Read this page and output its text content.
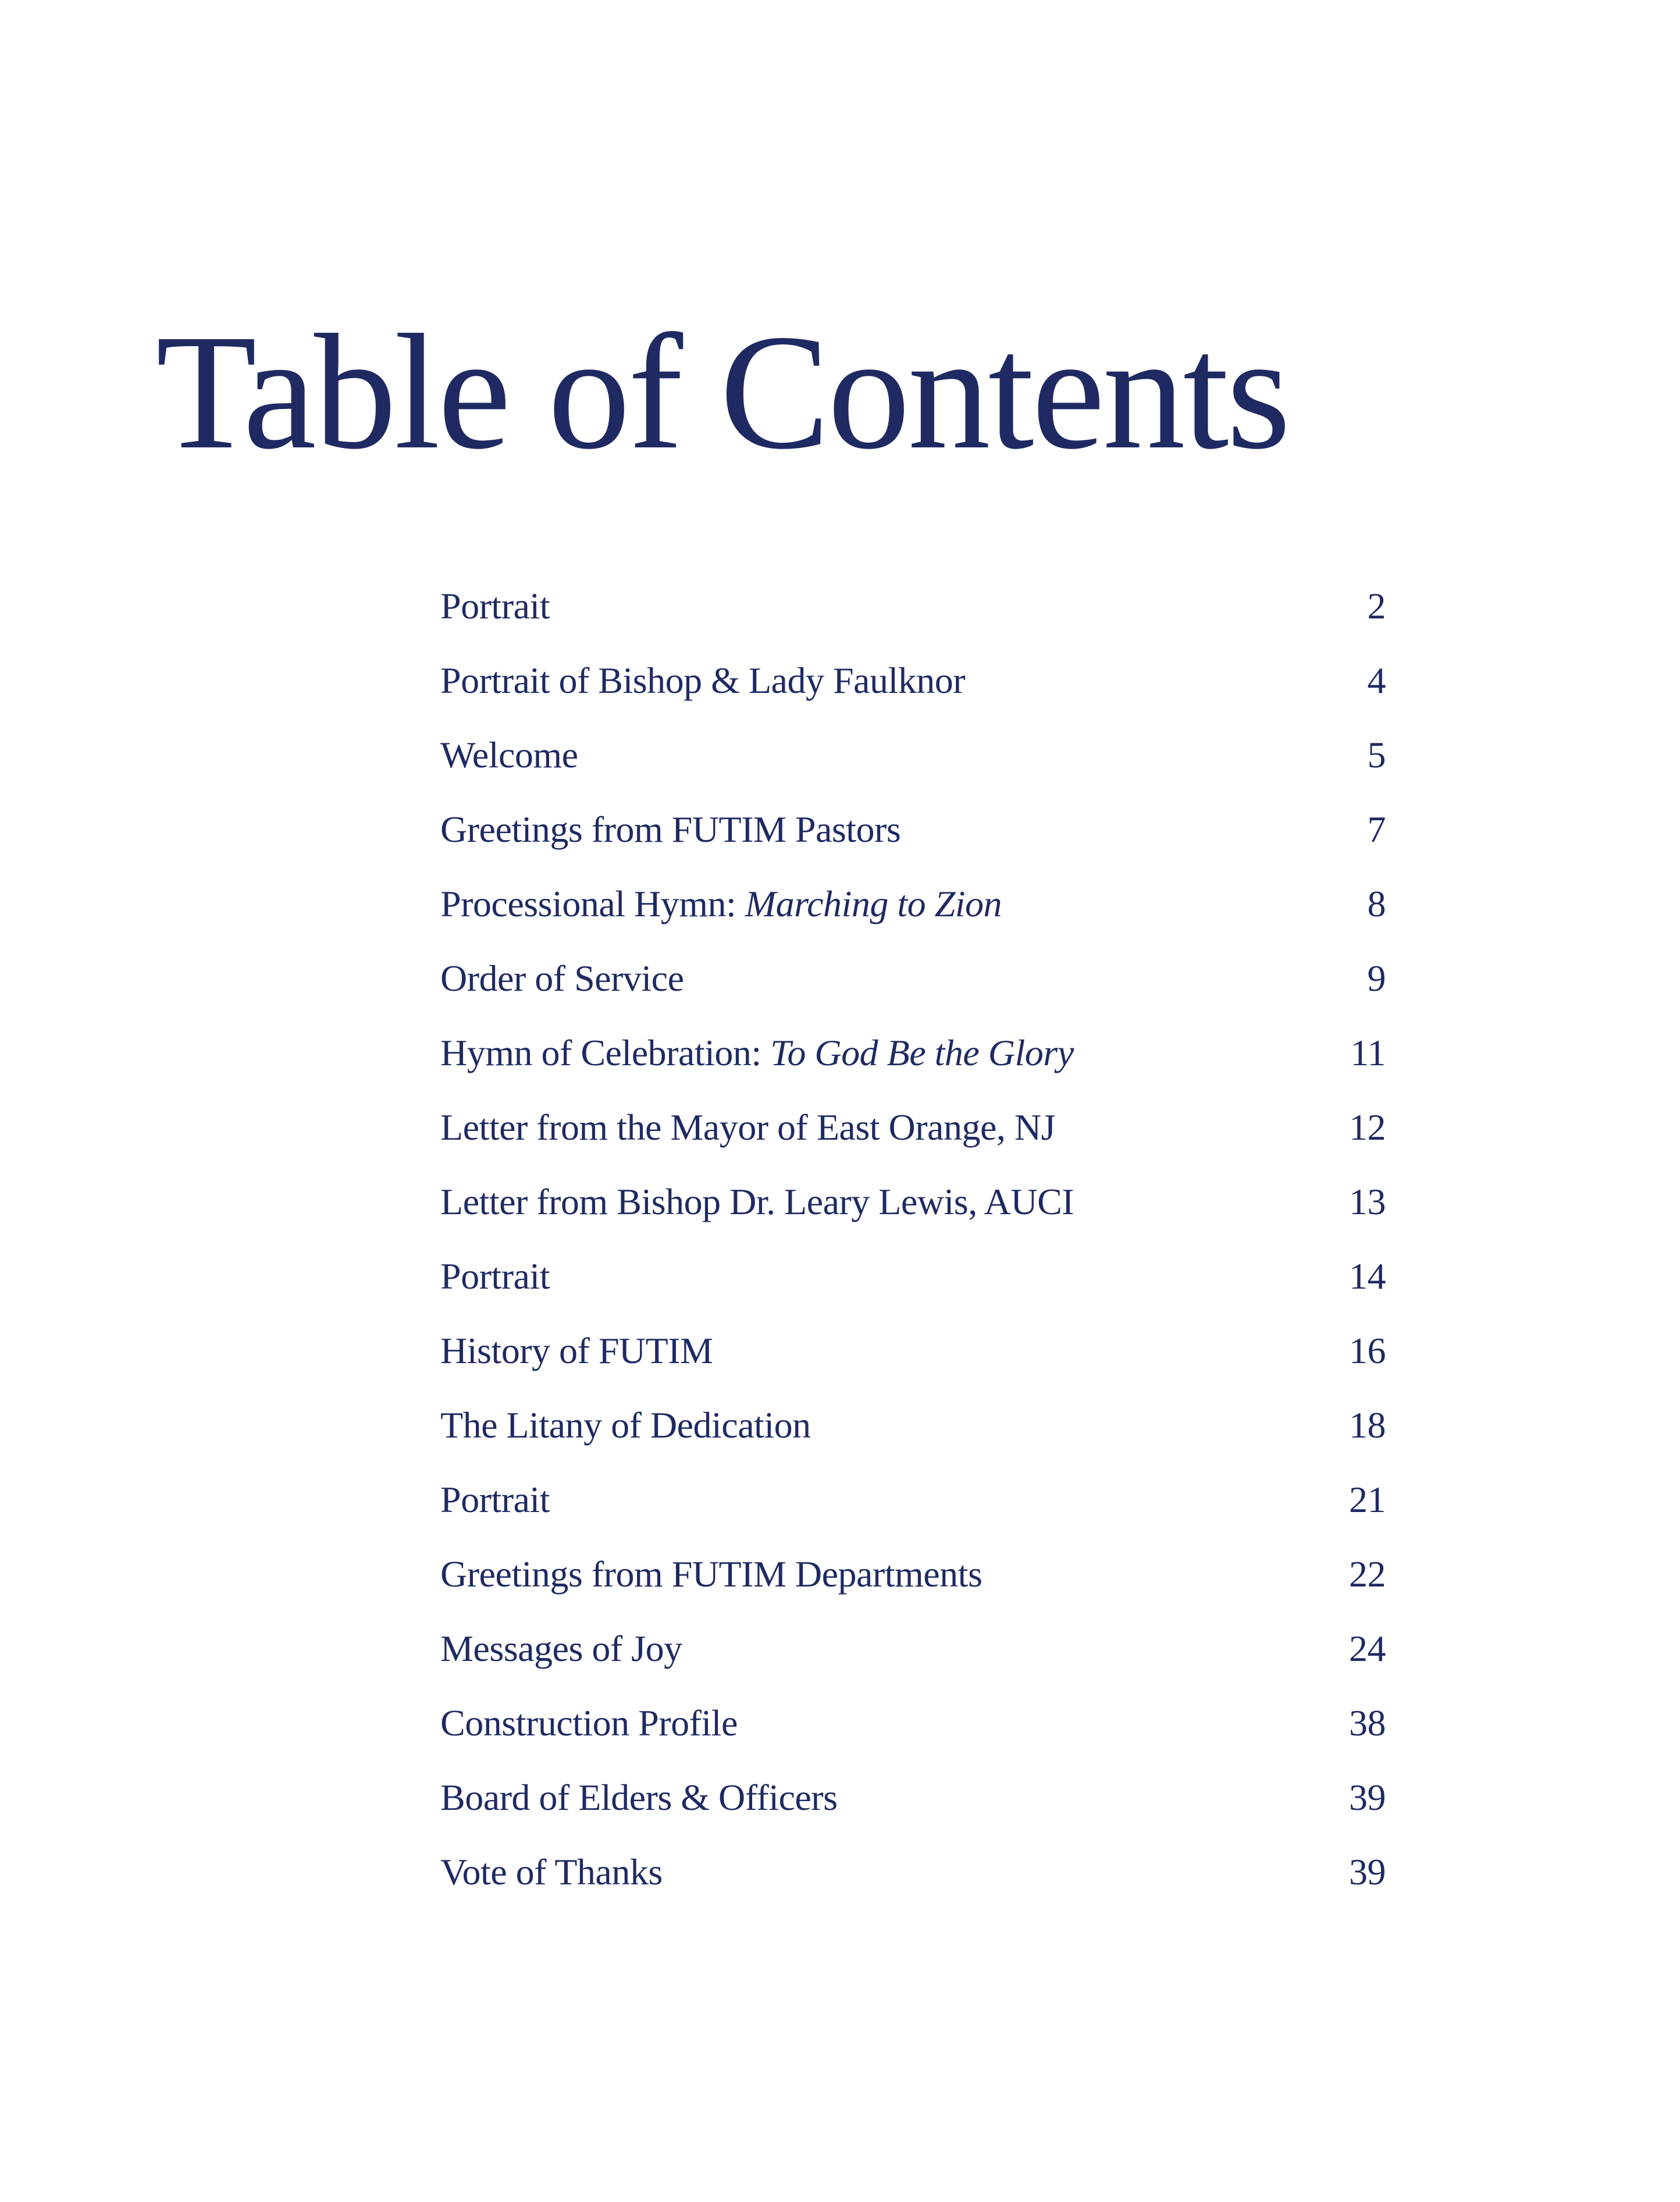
Table of Contents
Portrait	2
Portrait of Bishop & Lady Faulknor	4
Welcome	5
Greetings from FUTIM Pastors	7
Processional Hymn: Marching to Zion	8
Order of Service	9
Hymn of Celebration: To God Be the Glory	11
Letter from the Mayor of East Orange, NJ	12
Letter from Bishop Dr. Leary Lewis, AUCI	13
Portrait	14
History of FUTIM	16
The Litany of Dedication	18
Portrait	21
Greetings from FUTIM Departments	22
Messages of Joy	24
Construction Profile	38
Board of Elders & Officers	39
Vote of Thanks	39
